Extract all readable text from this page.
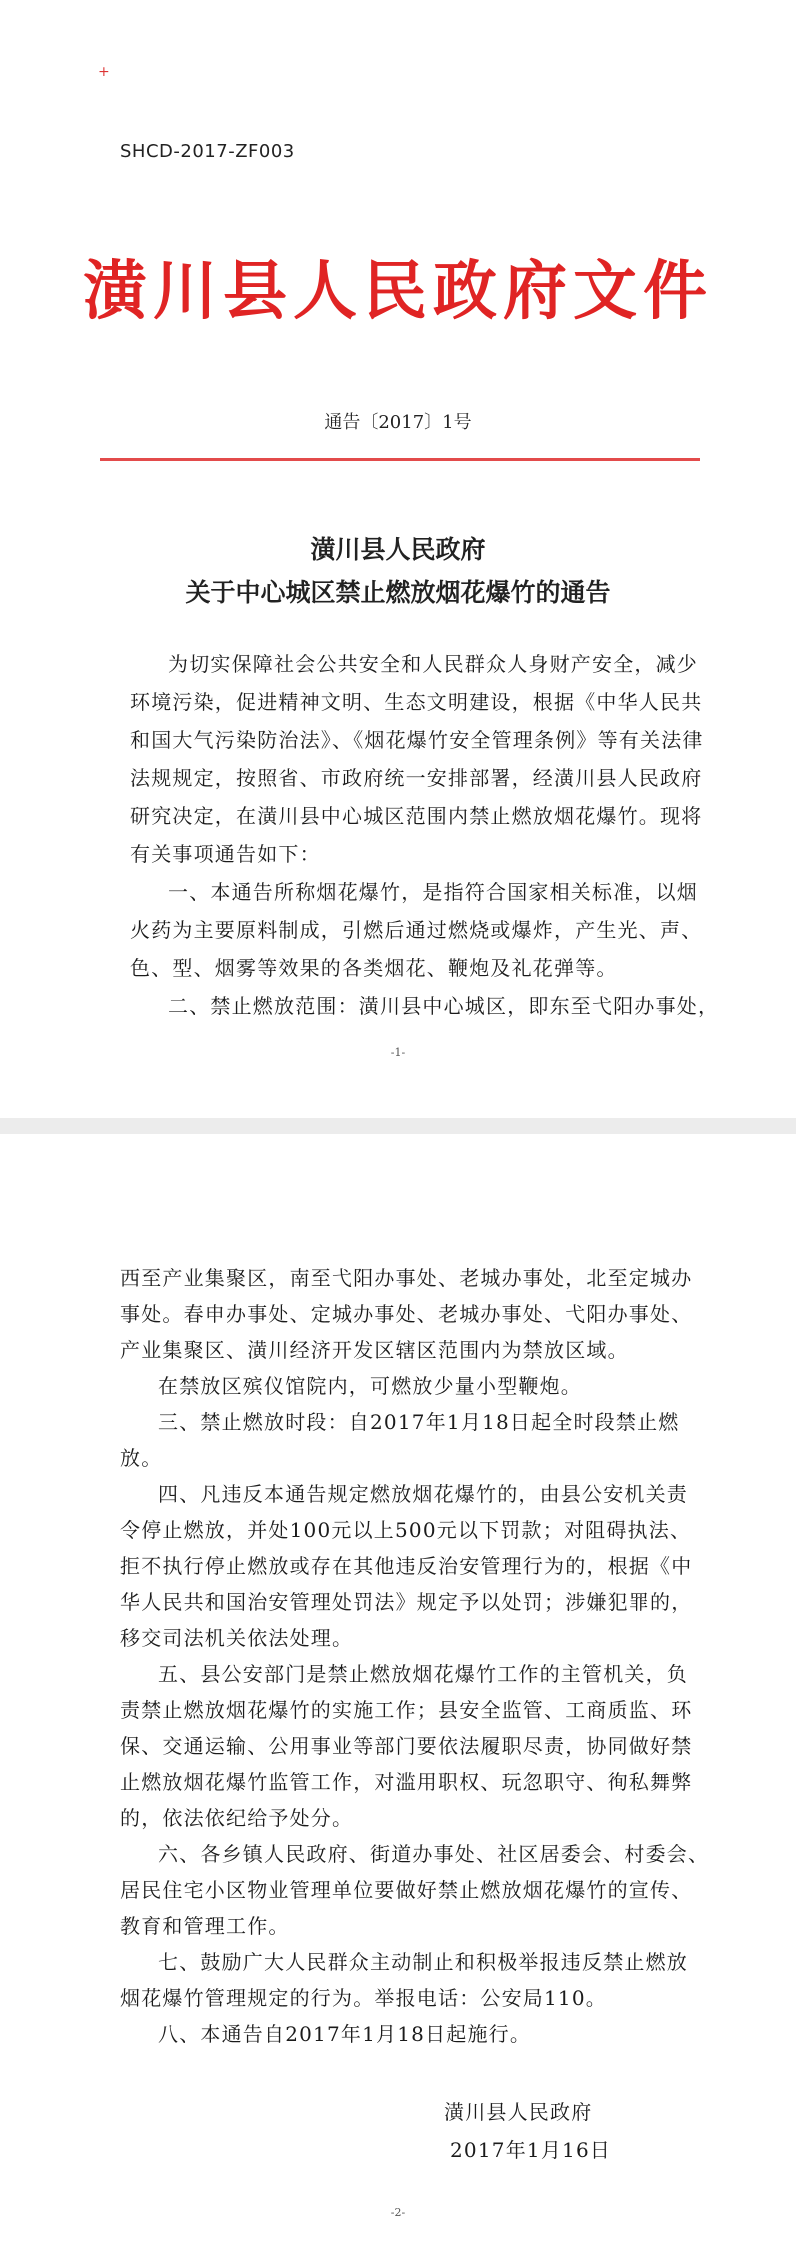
+
SHCD-2017-ZF003
潢川县人民政府文件
通告〔2017〕1号
潢川县人民政府
关于中心城区禁止燃放烟花爆竹的通告
为切实保障社会公共安全和人民群众人身财产安全，减少
环境污染，促进精神文明、生态文明建设，根据《中华人民共
和国大气污染防治法》、《烟花爆竹安全管理条例》等有关法律
法规规定，按照省、市政府统一安排部署，经潢川县人民政府
研究决定，在潢川县中心城区范围内禁止燃放烟花爆竹。现将
有关事项通告如下：
一、本通告所称烟花爆竹，是指符合国家相关标准，以烟
火药为主要原料制成，引燃后通过燃烧或爆炸，产生光、声、
色、型、烟雾等效果的各类烟花、鞭炮及礼花弹等。
二、禁止燃放范围：潢川县中心城区，即东至弋阳办事处，
-1-
西至产业集聚区，南至弋阳办事处、老城办事处，北至定城办
事处。春申办事处、定城办事处、老城办事处、弋阳办事处、
产业集聚区、潢川经济开发区辖区范围内为禁放区域。
在禁放区殡仪馆院内，可燃放少量小型鞭炮。
三、禁止燃放时段：自2017年1月18日起全时段禁止燃
放。
四、凡违反本通告规定燃放烟花爆竹的，由县公安机关责
令停止燃放，并处100元以上500元以下罚款；对阻碍执法、
拒不执行停止燃放或存在其他违反治安管理行为的，根据《中
华人民共和国治安管理处罚法》规定予以处罚；涉嫌犯罪的，
移交司法机关依法处理。
五、县公安部门是禁止燃放烟花爆竹工作的主管机关，负
责禁止燃放烟花爆竹的实施工作；县安全监管、工商质监、环
保、交通运输、公用事业等部门要依法履职尽责，协同做好禁
止燃放烟花爆竹监管工作，对滥用职权、玩忽职守、徇私舞弊
的，依法依纪给予处分。
六、各乡镇人民政府、街道办事处、社区居委会、村委会、
居民住宅小区物业管理单位要做好禁止燃放烟花爆竹的宣传、
教育和管理工作。
七、鼓励广大人民群众主动制止和积极举报违反禁止燃放
烟花爆竹管理规定的行为。举报电话：公安局110。
八、本通告自2017年1月18日起施行。
潢川县人民政府
2017年1月16日
-2-
